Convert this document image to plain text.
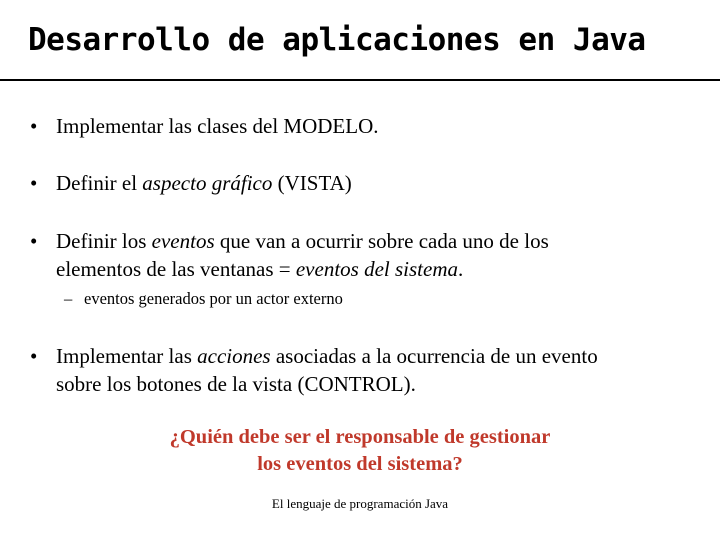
Desarrollo de aplicaciones en Java
• Implementar las clases del MODELO.
• Definir el aspecto gráfico (VISTA)
• Definir los eventos que van a ocurrir sobre cada uno de los
elementos de las ventanas = eventos del sistema.
– eventos generados por un actor externo
• Implementar las acciones asociadas a la ocurrencia de un evento
sobre los botones de la vista (CONTROL).
¿Quién debe ser el responsable de gestionar
los eventos del sistema?
El lenguaje de programación Java
